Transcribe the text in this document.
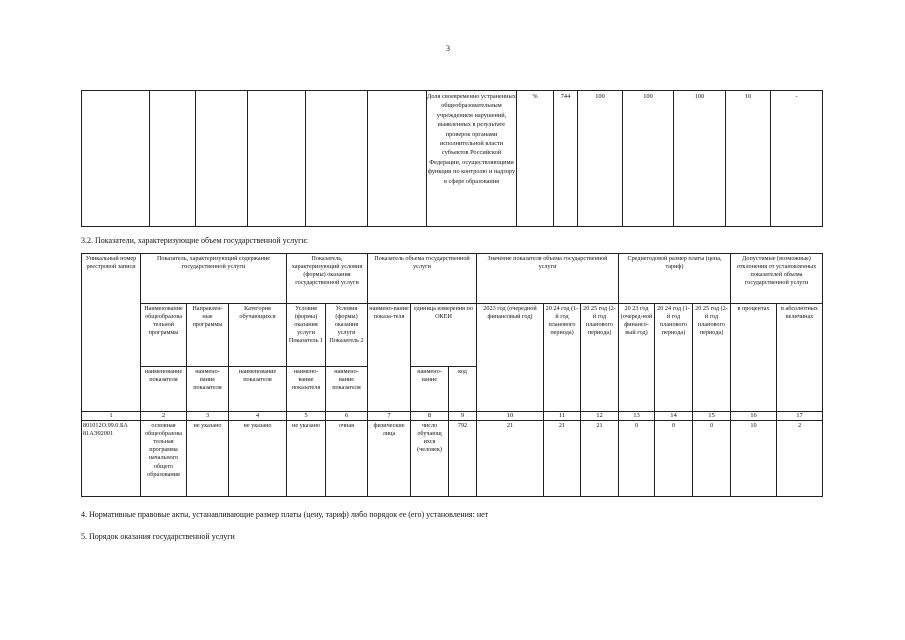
3
						Доля своевременно устраненных общеобразовательным учреждением нарушений, выявленных в результате проверок органами исполнительной власти субъектов Российской Федерации, осуществляющими функции по контролю и надзору в сфере образования	%	744	100	100	100	10	-
3.2. Показатели, характеризующие объем государственной услуги:
Уникальный номер реестровой записи	Показатель, характеризующий содержание государственной услуги			Показатель, характеризующий условия (формы) оказания государственной услуги		Показатель объема государственной услуги			Значение показателя объема государственной услуги			Среднегодовой размер платы (цена, тариф)			Допустимые (возможные) отклонения от установленных показателей объема государственной услуги	
	Наименование общеобразова тельной программы	Направлен-ные программы	Категория обучающихся	Условия (формы) оказания услуги Показатель 1	Условия (формы) оказания услуги Показатель 2	наимено-вание показа-теля	единица измерения по ОКЕИ		2023 год (очередной финансовый год)	20 24 год (1-й год планового периода)	20 25 год (2-й год планового периода)	20 23 год (очеред-ной финансо-вый год)	20 24 год (1-й год планового периода)	20 25 год (2-й год планового периода)	в процентах	в абсолютных величинах
	наименование показателя	наимено-вание показателя	наименование показателя	наимено-вание показателя	наимено-вание показателя		наимено-вание	код								
1	2	3	4	5	6	7	8	9	10	11	12	13	14	15	16	17
801012О.99.0.БА 81АЭ92001	основная общеобразова тельная программа начального общего образования	не указано	не указано	не указано	очная	физические лица	число обучающ ихся (человек)	792	21	21	21	0	0	0	10	2
4. Нормативные правовые акты, устанавливающие размер платы (цену, тариф) либо порядок ее (его) установления: нет
5. Порядок оказания государственной услуги
